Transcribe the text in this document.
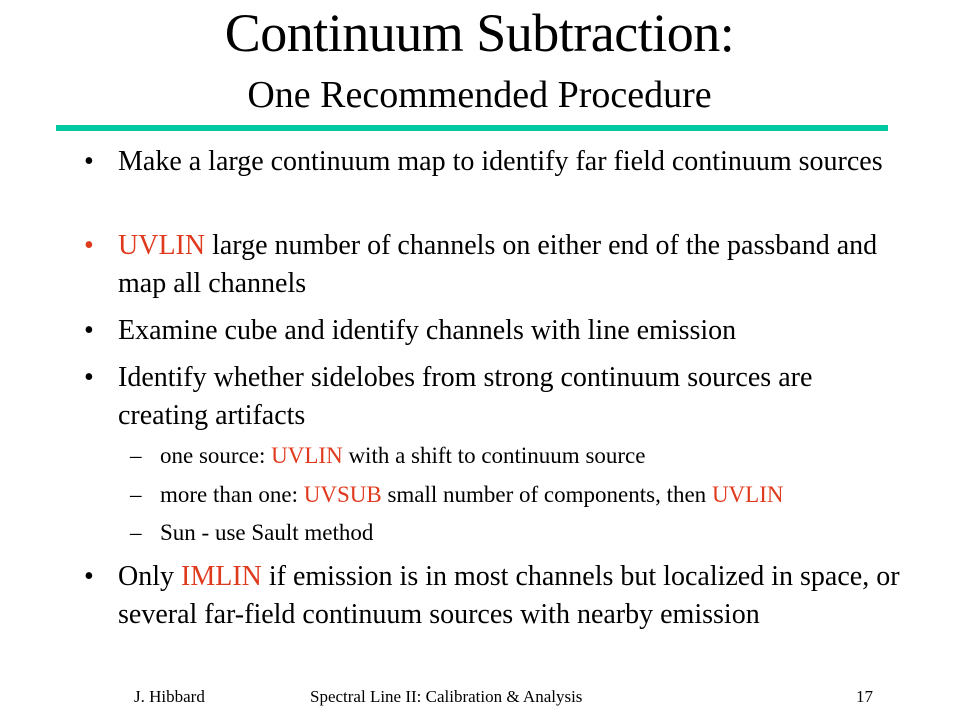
Continuum Subtraction:
One Recommended Procedure
• Make a large continuum map to identify far field continuum sources
• UVLIN large number of channels on either end of the passband and map all channels
• Examine cube and identify channels with line emission
• Identify whether sidelobes from strong continuum sources are creating artifacts
– one source: UVLIN with a shift to continuum source
– more than one: UVSUB small number of components, then UVLIN
– Sun - use Sault method
• Only IMLIN if emission is in most channels but localized in space, or several far-field continuum sources with nearby emission
J. Hibbard	Spectral Line II: Calibration & Analysis	17
